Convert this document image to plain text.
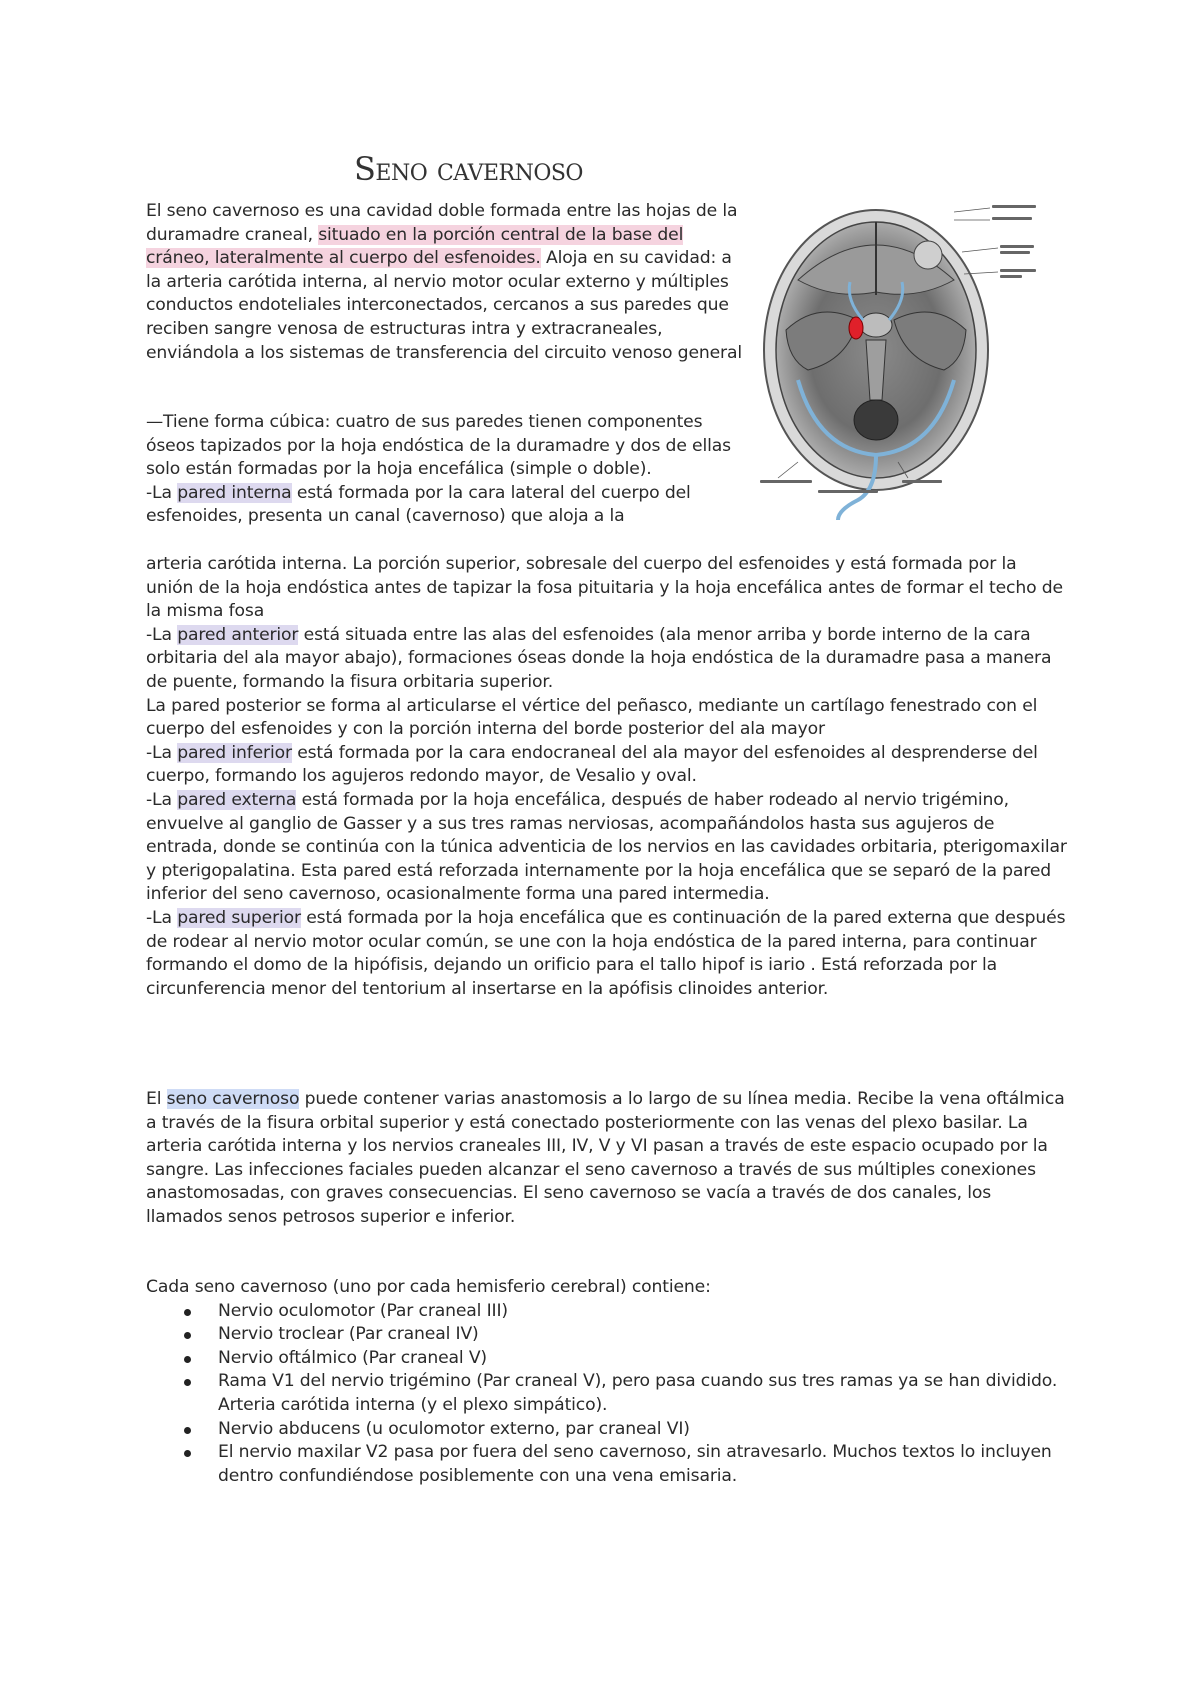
Seno cavernoso

El seno cavernoso es una cavidad doble formada entre las hojas de la duramadre craneal, situado en la porción central de la base del cráneo, lateralmente al cuerpo del esfenoides. Aloja en su cavidad: a la arteria carótida interna, al nervio motor ocular externo y múltiples conductos endoteliales interconectados, cercanos a sus paredes que reciben sangre venosa de estructuras intra y extracraneales, enviándola a los sistemas de transferencia del circuito venoso general

—Tiene forma cúbica: cuatro de sus paredes tienen componentes óseos tapizados por la hoja endóstica de la duramadre y dos de ellas solo están formadas por la hoja encefálica (simple o doble).

-La pared interna está formada por la cara lateral del cuerpo del esfenoides, presenta un canal (cavernoso) que aloja a la

arteria carótida interna. La porción superior, sobresale del cuerpo del esfenoides y está formada por la unión de la hoja endóstica antes de tapizar la fosa pituitaria y la hoja encefálica antes de formar el techo de la misma fosa

-La pared anterior está situada entre las alas del esfenoides (ala menor arriba y borde interno de la cara orbitaria del ala mayor abajo), formaciones óseas donde la hoja endóstica de la duramadre pasa a manera de puente, formando la fisura orbitaria superior.

La pared posterior se forma al articularse el vértice del peñasco, mediante un cartílago fenestrado con el cuerpo del esfenoides y con la porción interna del borde posterior del ala mayor

-La pared inferior está formada por la cara endocraneal del ala mayor del esfenoides al desprenderse del cuerpo, formando los agujeros redondo mayor, de Vesalio y oval.

-La pared externa está formada por la hoja encefálica, después de haber rodeado al nervio trigémino, envuelve al ganglio de Gasser y a sus tres ramas nerviosas, acompañándolos hasta sus agujeros de entrada, donde se continúa con la túnica adventicia de los nervios en las cavidades orbitaria, pterigomaxilar y pterigopalatina. Esta pared está reforzada internamente por la hoja encefálica que se separó de la pared inferior del seno cavernoso, ocasionalmente forma una pared intermedia.

-La pared superior está formada por la hoja encefálica que es continuación de la pared externa que después de rodear al nervio motor ocular común, se une con la hoja endóstica de la pared interna, para continuar formando el domo de la hipófisis, dejando un orificio para el tallo hipof is iario . Está reforzada por la circunferencia menor del tentorium al insertarse en la apófisis clinoides anterior.

El seno cavernoso puede contener varias anastomosis a lo largo de su línea media. Recibe la vena oftálmica a través de la fisura orbital superior y está conectado posteriormente con las venas del plexo basilar. La arteria carótida interna y los nervios craneales III, IV, V y VI pasan a través de este espacio ocupado por la sangre. Las infecciones faciales pueden alcanzar el seno cavernoso a través de sus múltiples conexiones anastomosadas, con graves consecuencias. El seno cavernoso se vacía a través de dos canales, los llamados senos petrosos superior e inferior.

Cada seno cavernoso (uno por cada hemisferio cerebral) contiene:

Nervio oculomotor (Par craneal III)
Nervio troclear (Par craneal IV)
Nervio oftálmico (Par craneal V)
Rama V1 del nervio trigémino (Par craneal V), pero pasa cuando sus tres ramas ya se han dividido. Arteria carótida interna (y el plexo simpático).
Nervio abducens (u oculomotor externo, par craneal VI)
El nervio maxilar V2 pasa por fuera del seno cavernoso, sin atravesarlo. Muchos textos lo incluyen dentro confundiéndose posiblemente con una vena emisaria.
